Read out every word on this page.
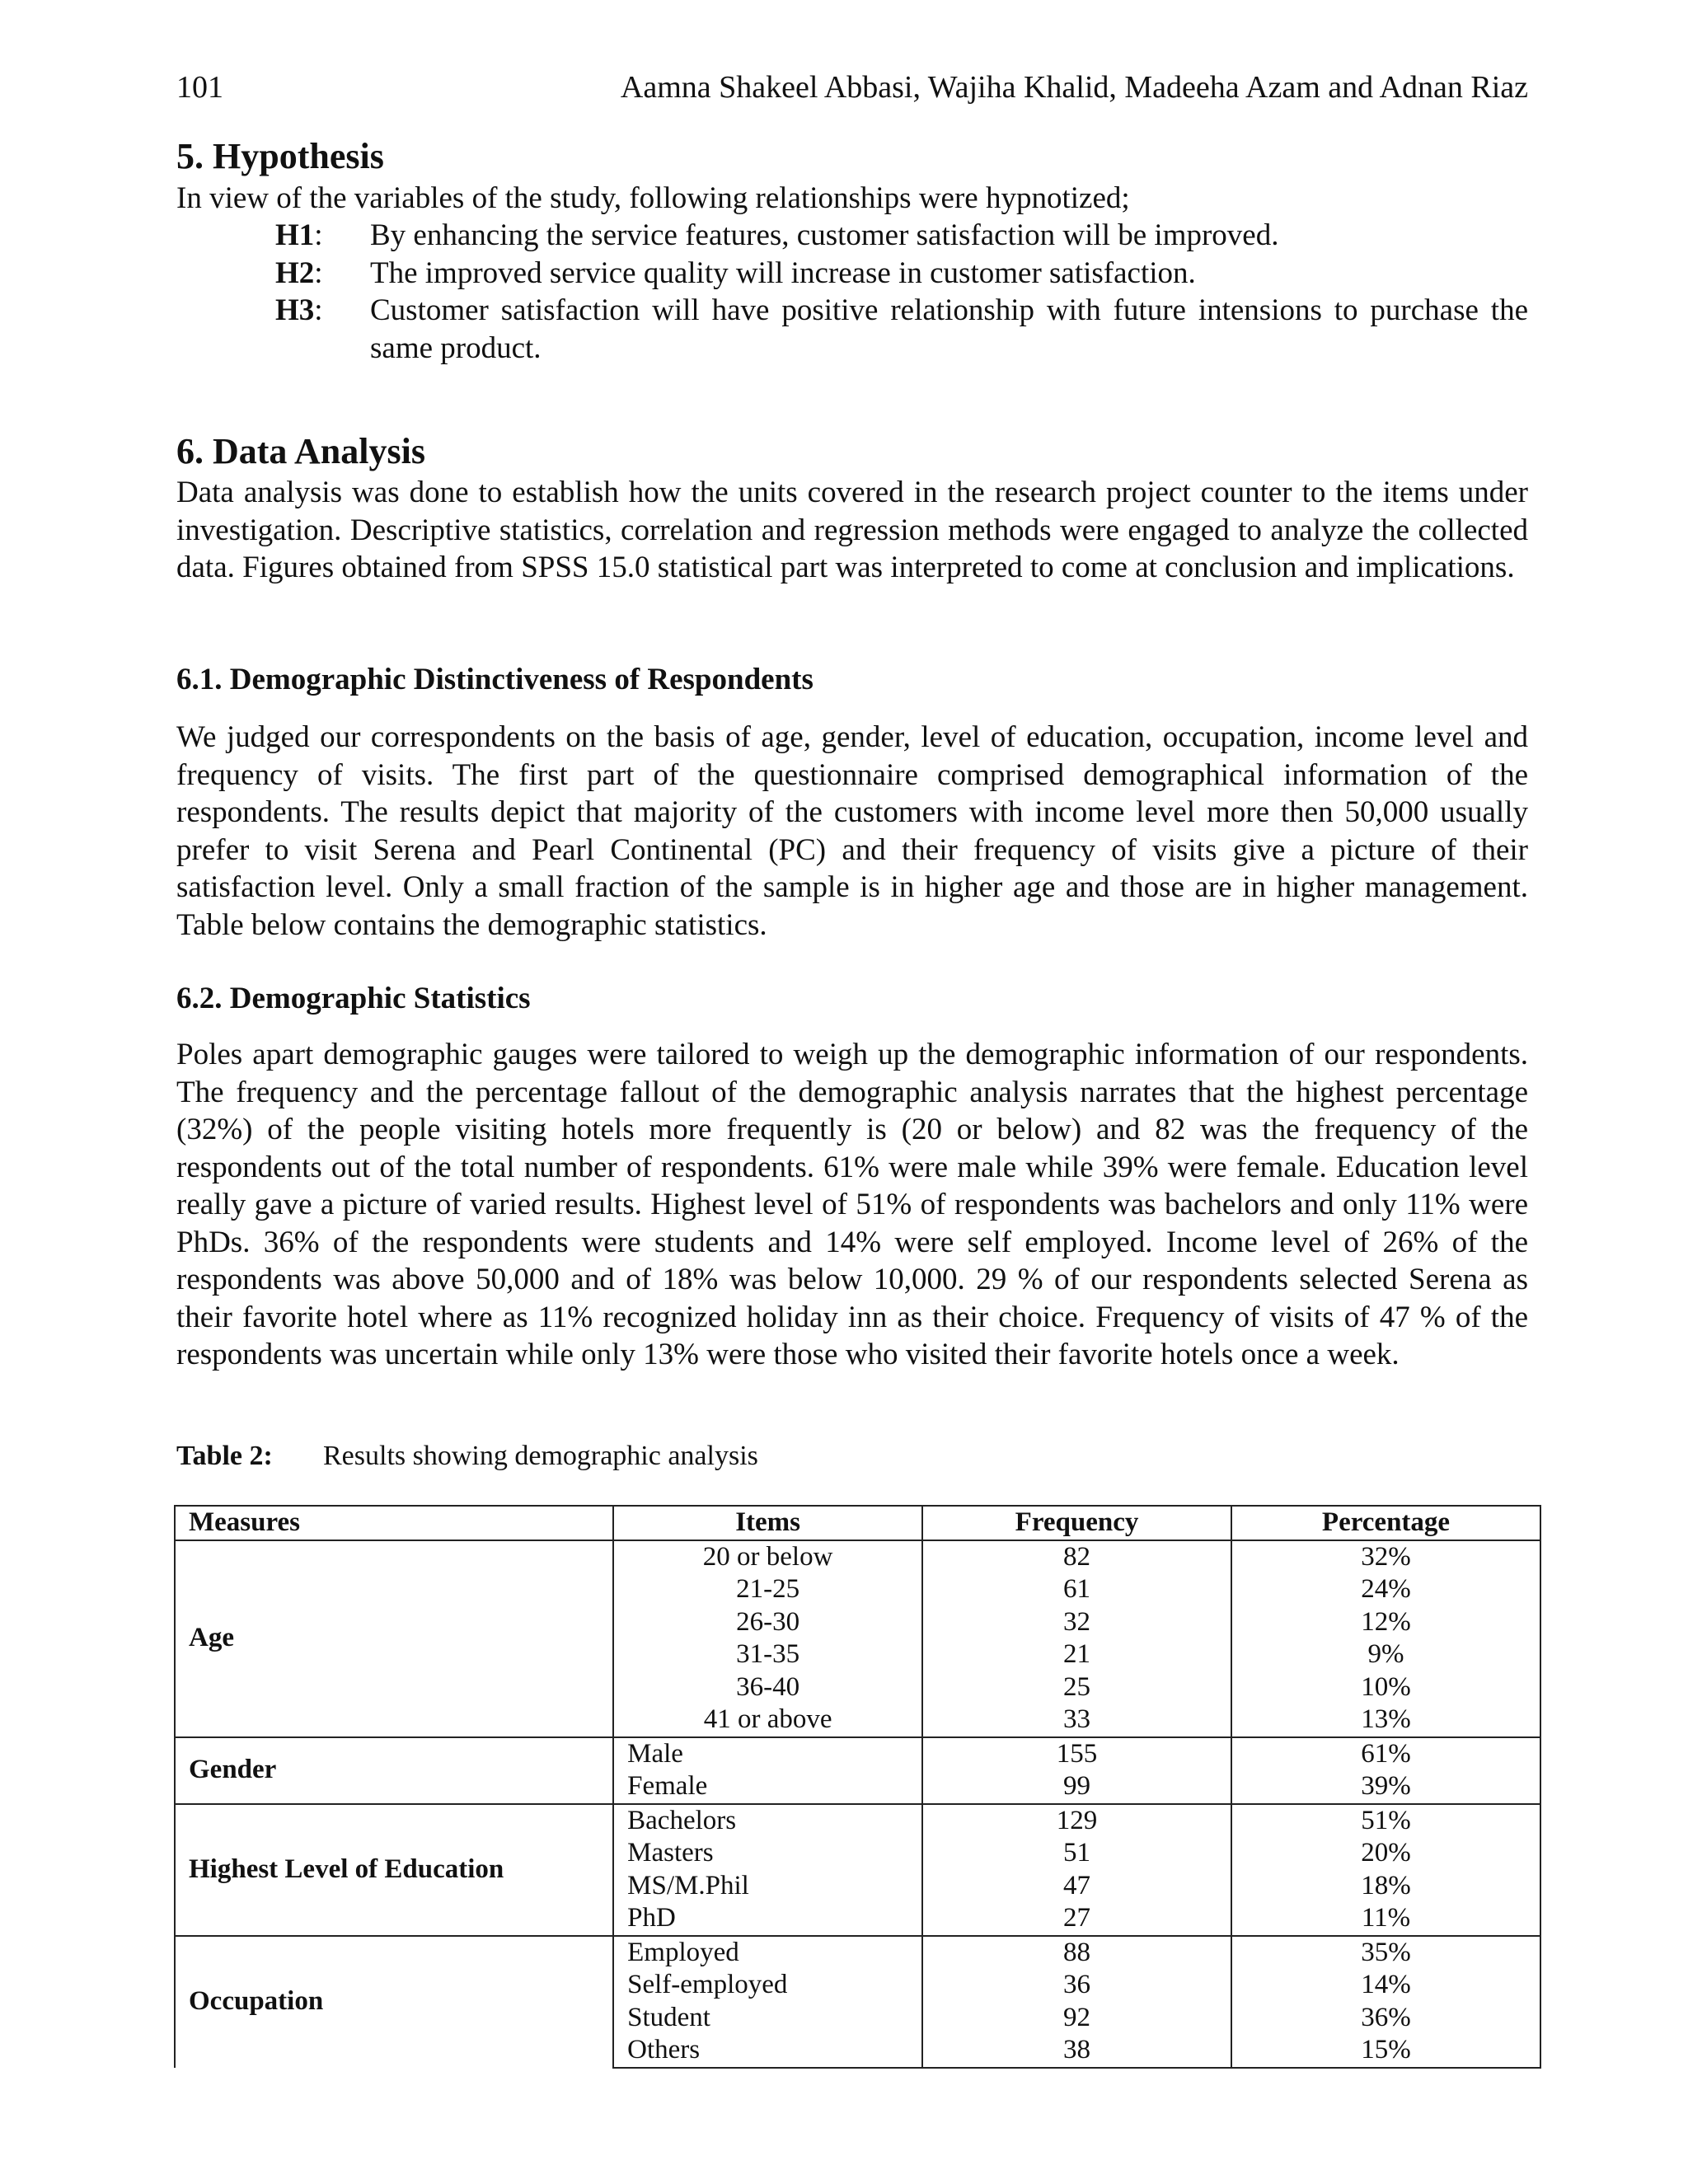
101	Aamna Shakeel Abbasi, Wajiha Khalid, Madeeha Azam and Adnan Riaz
5. Hypothesis

In view of the variables of the study, following relationships were hypnotized;

H1:	By enhancing the service features, customer satisfaction will be improved.
H2:	The improved service quality will increase in customer satisfaction.
H3:	Customer satisfaction will have positive relationship with future intensions to purchase the same product.
6. Data Analysis

Data analysis was done to establish how the units covered in the research project counter to the items under investigation. Descriptive statistics, correlation and regression methods were engaged to analyze the collected data. Figures obtained from SPSS 15.0 statistical part was interpreted to come at conclusion and implications.

6.1. Demographic Distinctiveness of Respondents

We judged our correspondents on the basis of age, gender, level of education, occupation, income level and frequency of visits. The first part of the questionnaire comprised demographical information of the respondents. The results depict that majority of the customers with income level more then 50,000 usually prefer to visit Serena and Pearl Continental (PC) and their frequency of visits give a picture of their satisfaction level. Only a small fraction of the sample is in higher age and those are in higher management. Table below contains the demographic statistics.

6.2. Demographic Statistics

Poles apart demographic gauges were tailored to weigh up the demographic information of our respondents. The frequency and the percentage fallout of the demographic analysis narrates that the highest percentage (32%) of the people visiting hotels more frequently is (20 or below) and 82 was the frequency of the respondents out of the total number of respondents. 61% were male while 39% were female. Education level really gave a picture of varied results. Highest level of 51% of respondents was bachelors and only 11% were PhDs. 36% of the respondents were students and 14% were self employed. Income level of 26% of the respondents was above 50,000 and of 18% was below 10,000. 29 % of our respondents selected Serena as their favorite hotel where as 11% recognized holiday inn as their choice. Frequency of visits of 47 % of the respondents was uncertain while only 13% were those who visited their favorite hotels once a week.

Table 2:	Results showing demographic analysis
Measures	Items	Frequency	Percentage
Age	20 or below	82	32%
	21-25	61	24%
	26-30	32	12%
	31-35	21	9%
	36-40	25	10%
	41 or above	33	13%
Gender	Male	155	61%
	Female	99	39%
Highest Level of Education	Bachelors	129	51%
	Masters	51	20%
	MS/M.Phil	47	18%
	PhD	27	11%
Occupation	Employed	88	35%
	Self-employed	36	14%
	Student	92	36%
	Others	38	15%
